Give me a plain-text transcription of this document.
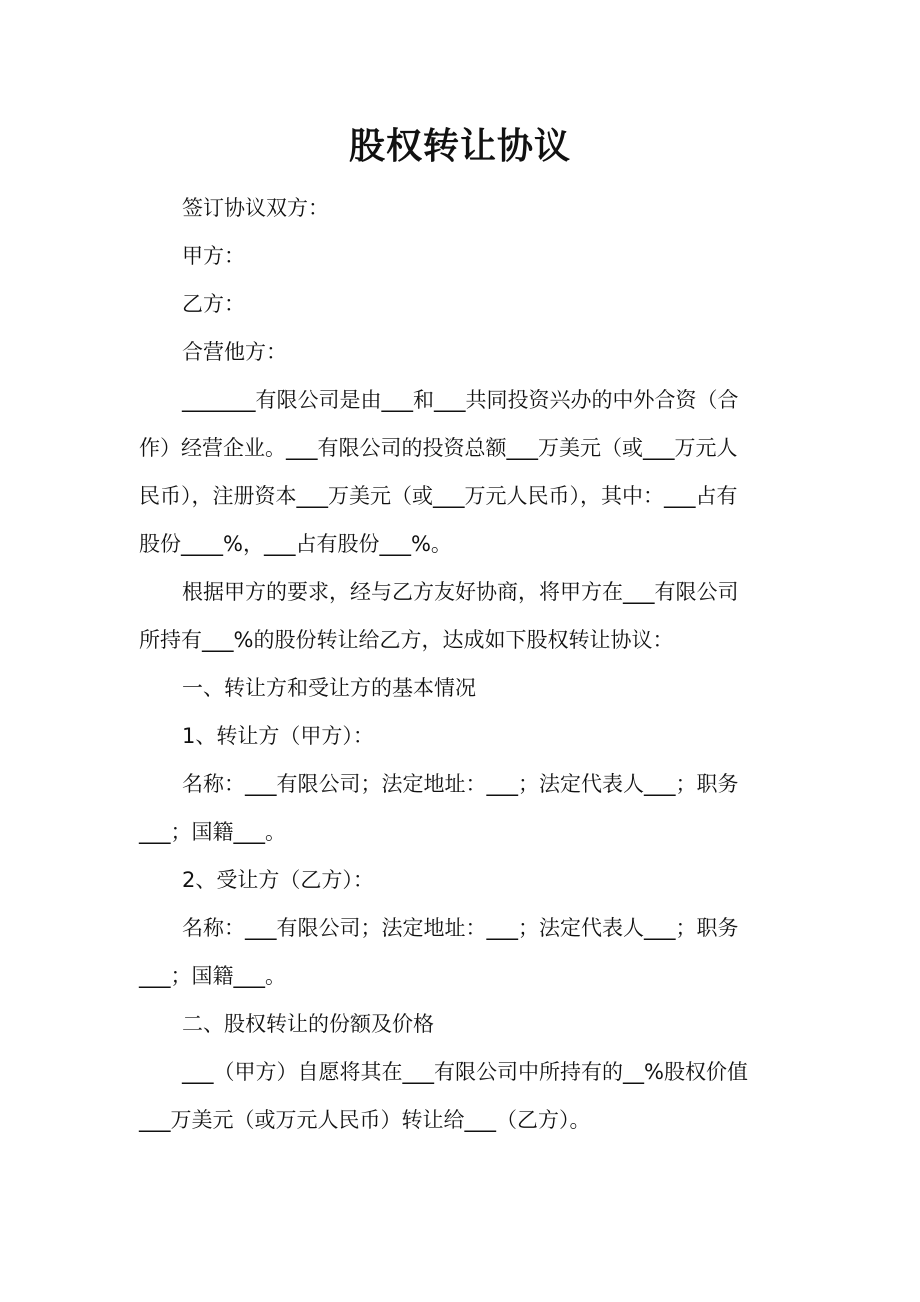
股权转让协议
签订协议双方：
甲方：
乙方：
合营他方：
_______有限公司是由___和___共同投资兴办的中外合资（合
作）经营企业。___有限公司的投资总额___万美元（或___万元人
民币），注册资本___万美元（或___万元人民币），其中：___占有
股份____%，___占有股份___%。
根据甲方的要求，经与乙方友好协商，将甲方在___有限公司
所持有___%的股份转让给乙方，达成如下股权转让协议：
一、转让方和受让方的基本情况
1、转让方（甲方）：
名称：___有限公司；法定地址：___；法定代表人___；职务
___；国籍___。
2、受让方（乙方）：
名称：___有限公司；法定地址：___；法定代表人___；职务
___；国籍___。
二、股权转让的份额及价格
___（甲方）自愿将其在___有限公司中所持有的__%股权价值
___万美元（或万元人民币）转让给___（乙方）。
